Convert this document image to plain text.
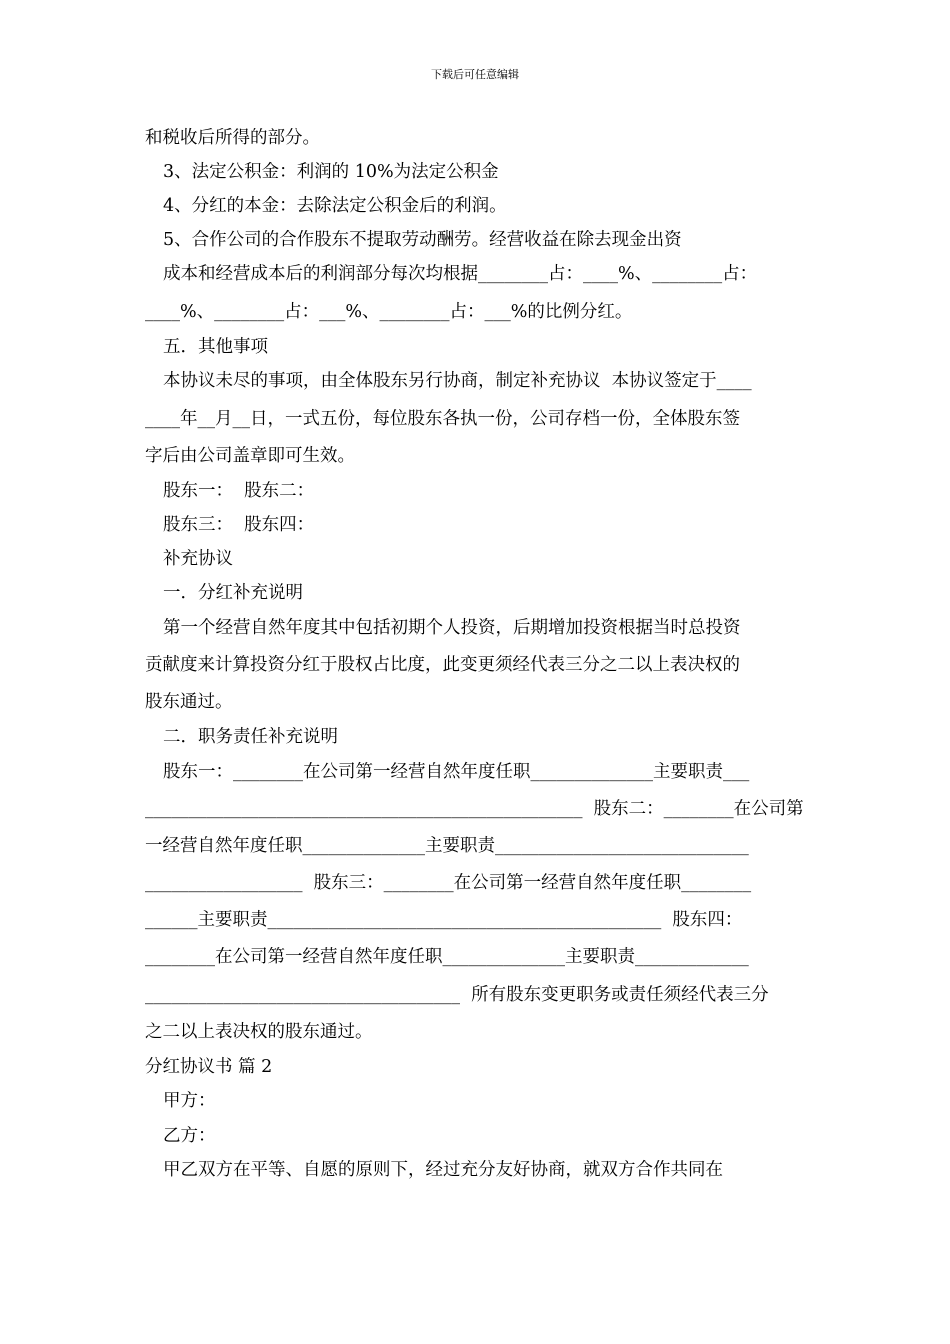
下载后可任意编辑
和税收后所得的部分。
3、法定公积金：利润的 10%为法定公积金
4、分红的本金：去除法定公积金后的利润。
5、合作公司的合作股东不提取劳动酬劳。经营收益在除去现金出资
成本和经营成本后的利润部分每次均根据________占：____%、________占：
____%、________占：___%、________占：___%的比例分红。
五．其他事项
本协议未尽的事项，由全体股东另行协商，制定补充协议  本协议签定于____
____年__月__日，一式五份，每位股东各执一份，公司存档一份，全体股东签
字后由公司盖章即可生效。
股东一：  股东二：
股东三：  股东四：
补充协议
一．分红补充说明
第一个经营自然年度其中包括初期个人投资，后期增加投资根据当时总投资
贡献度来计算投资分红于股权占比度，此变更须经代表三分之二以上表决权的
股东通过。
二．职务责任补充说明
股东一：________在公司第一经营自然年度任职______________主要职责___
__________________________________________________  股东二：________在公司第
一经营自然年度任职______________主要职责_____________________________
__________________  股东三：________在公司第一经营自然年度任职________
______主要职责_____________________________________________  股东四：
________在公司第一经营自然年度任职______________主要职责_____________
____________________________________  所有股东变更职务或责任须经代表三分
之二以上表决权的股东通过。
分红协议书 篇 2
甲方：
乙方：
甲乙双方在平等、自愿的原则下，经过充分友好协商，就双方合作共同在
